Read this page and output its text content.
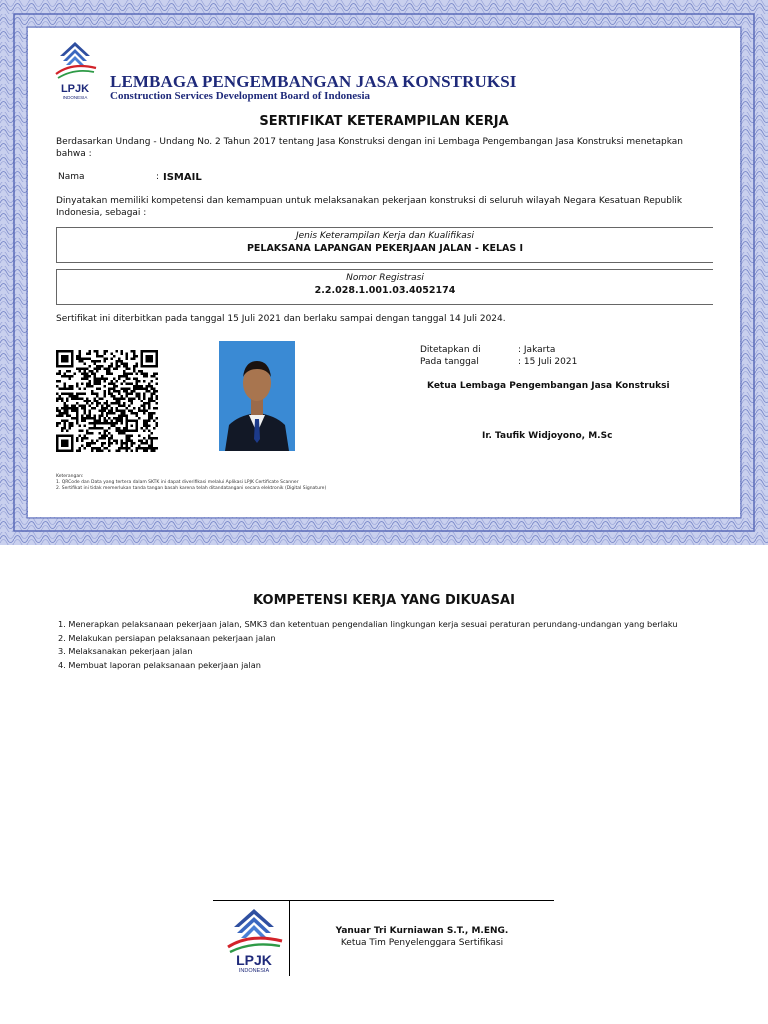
LPJK
INDONESIA
LEMBAGA PENGEMBANGAN JASA KONSTRUKSI
Construction Services Development Board of Indonesia
SERTIFIKAT KETERAMPILAN KERJA
Berdasarkan Undang - Undang No. 2 Tahun 2017 tentang Jasa Konstruksi dengan ini Lembaga Pengembangan Jasa Konstruksi menetapkan bahwa :
Nama	: ISMAIL
Dinyatakan memiliki kompetensi dan kemampuan untuk melaksanakan pekerjaan konstruksi di seluruh wilayah Negara Kesatuan Republik Indonesia, sebagai :
Jenis Keterampilan Kerja dan Kualifikasi
PELAKSANA LAPANGAN PEKERJAAN JALAN - KELAS I
Nomor Registrasi
2.2.028.1.001.03.4052174
Sertifikat ini diterbitkan pada tanggal 15 Juli 2021 dan berlaku sampai dengan tanggal 14 Juli 2024.
Ditetapkan di	: Jakarta
Pada tanggal	: 15 Juli 2021
Ketua Lembaga Pengembangan Jasa Konstruksi
Ir. Taufik Widjoyono, M.Sc
Keterangan:
1. QRCode dan Data yang tertera dalam SKTK ini dapat diverifikasi melalui Aplikasi LPJK Certificate Scanner
2. Sertifikat ini tidak memerlukan tanda tangan basah karena telah ditandatangani secara elektronik (Digital Signature)
KOMPETENSI KERJA YANG DIKUASAI
1. Menerapkan pelaksanaan pekerjaan jalan, SMK3 dan ketentuan pengendalian lingkungan kerja sesuai peraturan perundang-undangan yang berlaku
2. Melakukan persiapan pelaksanaan pekerjaan jalan
3. Melaksanakan pekerjaan jalan
4. Membuat laporan pelaksanaan pekerjaan jalan
LPJK
INDONESIA
Yanuar Tri Kurniawan S.T., M.ENG.
Ketua Tim Penyelenggara Sertifikasi
